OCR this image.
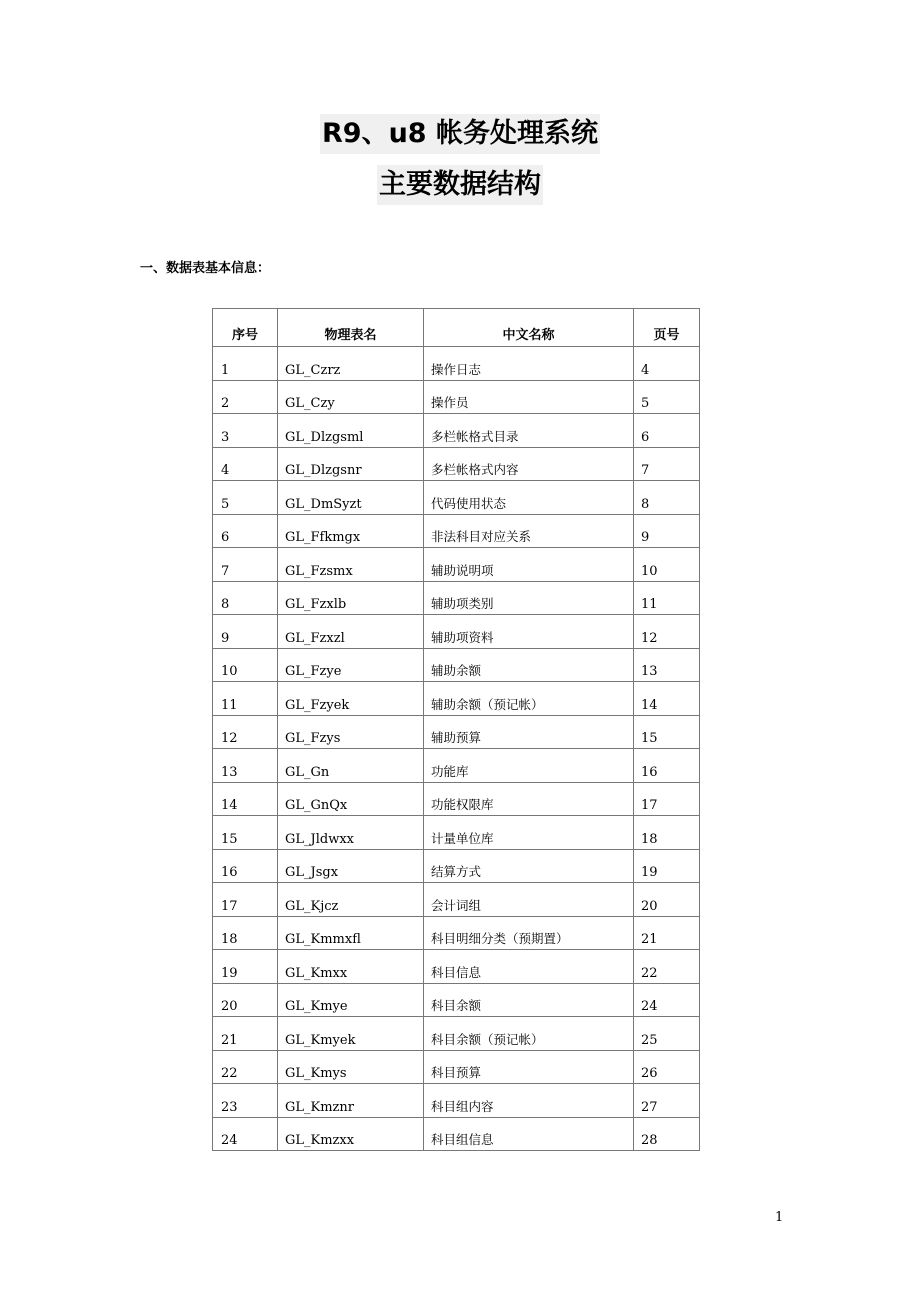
R9、u8 帐务处理系统
主要数据结构
一、数据表基本信息：
序号	物理表名	中文名称	页号
1	GL_Czrz	操作日志	4
2	GL_Czy	操作员	5
3	GL_Dlzgsml	多栏帐格式目录	6
4	GL_Dlzgsnr	多栏帐格式内容	7
5	GL_DmSyzt	代码使用状态	8
6	GL_Ffkmgx	非法科目对应关系	9
7	GL_Fzsmx	辅助说明项	10
8	GL_Fzxlb	辅助项类别	11
9	GL_Fzxzl	辅助项资料	12
10	GL_Fzye	辅助余额	13
11	GL_Fzyek	辅助余额（预记帐）	14
12	GL_Fzys	辅助预算	15
13	GL_Gn	功能库	16
14	GL_GnQx	功能权限库	17
15	GL_Jldwxx	计量单位库	18
16	GL_Jsgx	结算方式	19
17	GL_Kjcz	会计词组	20
18	GL_Kmmxfl	科目明细分类（预期置）	21
19	GL_Kmxx	科目信息	22
20	GL_Kmye	科目余额	24
21	GL_Kmyek	科目余额（预记帐）	25
22	GL_Kmys	科目预算	26
23	GL_Kmznr	科目组内容	27
24	GL_Kmzxx	科目组信息	28
1
